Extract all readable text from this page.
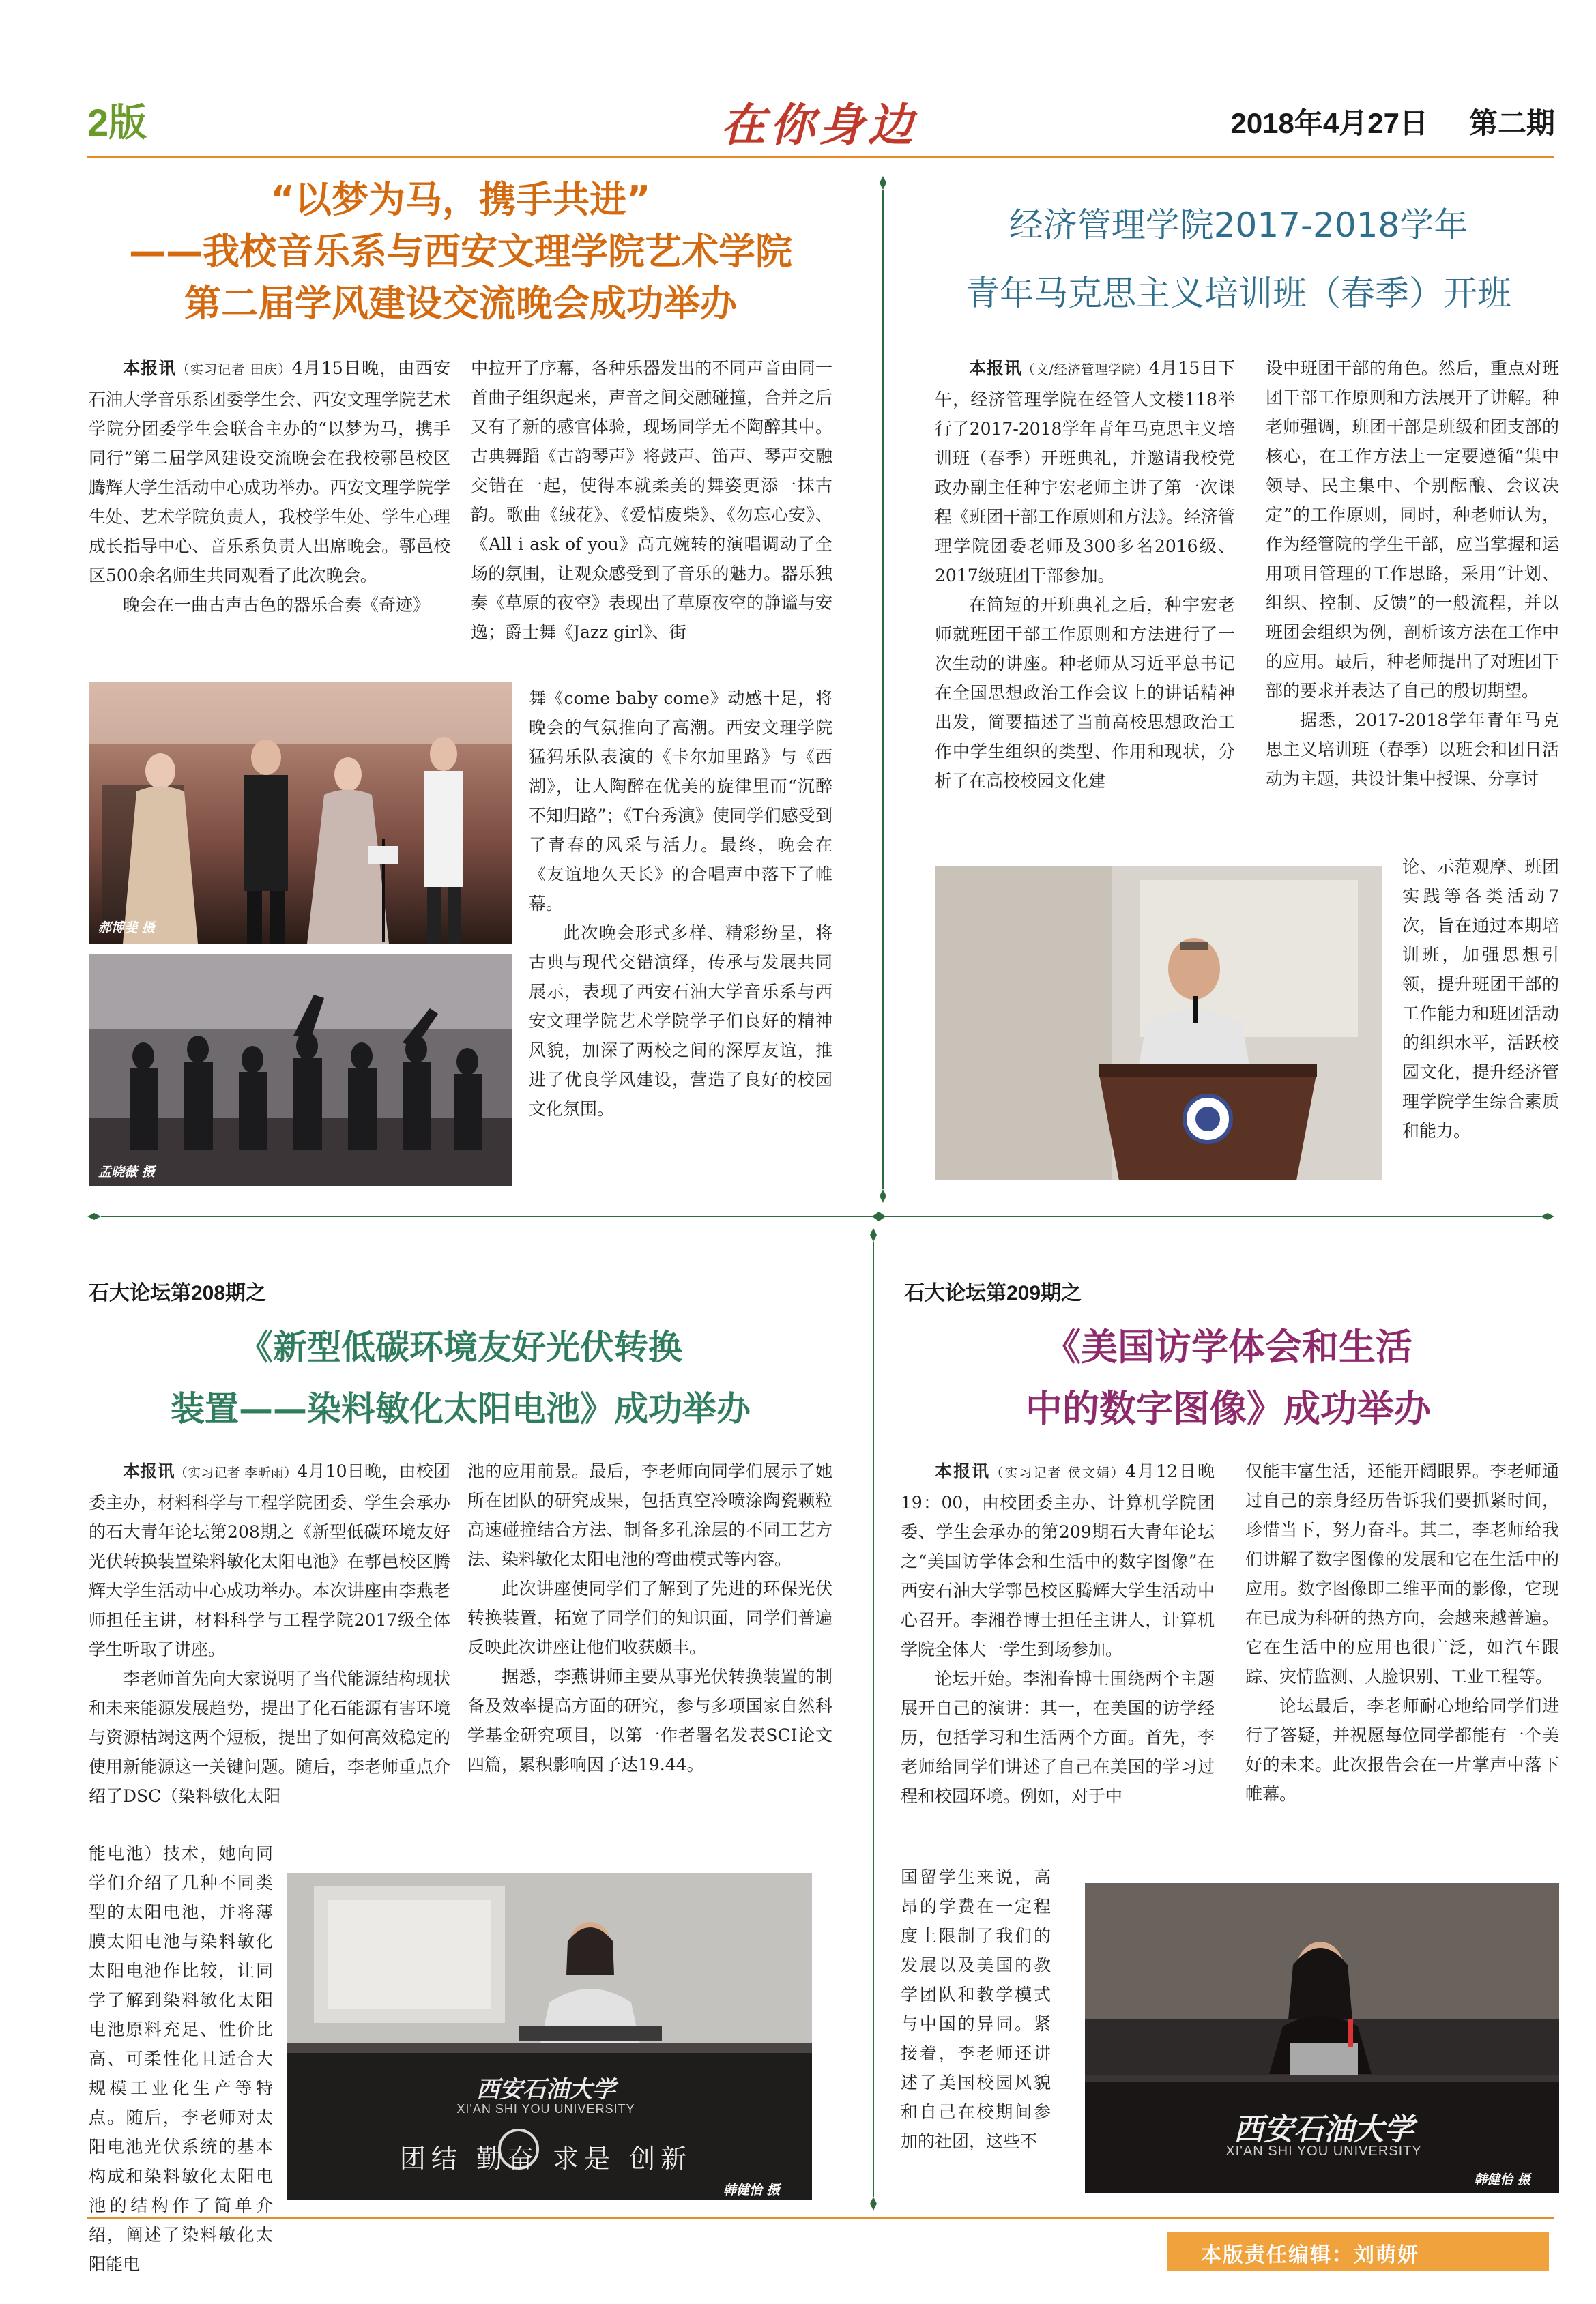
2版	在你身边	2018年4月27日 第二期
“以梦为马，携手共进”
——我校音乐系与西安文理学院艺术学院
第二届学风建设交流晚会成功举办

本报讯（实习记者 田庆）4月15日晚，由西安石油大学音乐系团委学生会、西安文理学院艺术学院分团委学生会联合主办的“以梦为马，携手同行”第二届学风建设交流晚会在我校鄠邑校区腾辉大学生活动中心成功举办。西安文理学院学生处、艺术学院负责人，我校学生处、学生心理成长指导中心、音乐系负责人出席晚会。鄠邑校区500余名师生共同观看了此次晚会。

晚会在一曲古声古色的器乐合奏《奇迹》

中拉开了序幕，各种乐器发出的不同声音由同一首曲子组织起来，声音之间交融碰撞，合并之后又有了新的感官体验，现场同学无不陶醉其中。古典舞蹈《古韵琴声》将鼓声、笛声、琴声交融交错在一起，使得本就柔美的舞姿更添一抹古韵。歌曲《绒花》、《爱情废柴》、《勿忘心安》、《All i ask of you》高亢婉转的演唱调动了全场的氛围，让观众感受到了音乐的魅力。器乐独奏《草原的夜空》表现出了草原夜空的静谧与安逸；爵士舞《Jazz girl》、街

舞《come baby come》动感十足，将晚会的气氛推向了高潮。西安文理学院猛犸乐队表演的《卡尔加里路》与《西湖》，让人陶醉在优美的旋律里而“沉醉不知归路”；《T台秀演》使同学们感受到了青春的风采与活力。最终，晚会在《友谊地久天长》的合唱声中落下了帷幕。

此次晚会形式多样、精彩纷呈，将古典与现代交错演绎，传承与发展共同展示，表现了西安石油大学音乐系与西安文理学院艺术学院学子们良好的精神风貌，加深了两校之间的深厚友谊，推进了优良学风建设，营造了良好的校园文化氛围。

郝博斐 摄
孟晓薇 摄
经济管理学院2017-2018学年
青年马克思主义培训班（春季）开班

本报讯（文/经济管理学院）4月15日下午，经济管理学院在经管人文楼118举行了2017-2018学年青年马克思主义培训班（春季）开班典礼，并邀请我校党政办副主任种宇宏老师主讲了第一次课程《班团干部工作原则和方法》。经济管理学院团委老师及300多名2016级、2017级班团干部参加。

在简短的开班典礼之后，种宇宏老师就班团干部工作原则和方法进行了一次生动的讲座。种老师从习近平总书记在全国思想政治工作会议上的讲话精神出发，简要描述了当前高校思想政治工作中学生组织的类型、作用和现状，分析了在高校校园文化建

设中班团干部的角色。然后，重点对班团干部工作原则和方法展开了讲解。种老师强调，班团干部是班级和团支部的核心，在工作方法上一定要遵循“集中领导、民主集中、个别酝酿、会议决定”的工作原则，同时，种老师认为，作为经管院的学生干部，应当掌握和运用项目管理的工作思路，采用“计划、组织、控制、反馈”的一般流程，并以班团会组织为例，剖析该方法在工作中的应用。最后，种老师提出了对班团干部的要求并表达了自己的殷切期望。

据悉，2017-2018学年青年马克思主义培训班（春季）以班会和团日活动为主题，共设计集中授课、分享讨

论、示范观摩、班团实践等各类活动7次，旨在通过本期培训班，加强思想引领，提升班团干部的工作能力和班团活动的组织水平，活跃校园文化，提升经济管理学院学生综合素质和能力。

石大论坛第208期之
《新型低碳环境友好光伏转换
装置——染料敏化太阳电池》成功举办

本报讯（实习记者 李昕雨）4月10日晚，由校团委主办，材料科学与工程学院团委、学生会承办的石大青年论坛第208期之《新型低碳环境友好光伏转换装置染料敏化太阳电池》在鄠邑校区腾辉大学生活动中心成功举办。本次讲座由李燕老师担任主讲，材料科学与工程学院2017级全体学生听取了讲座。

李老师首先向大家说明了当代能源结构现状和未来能源发展趋势，提出了化石能源有害环境与资源枯竭这两个短板，提出了如何高效稳定的使用新能源这一关键问题。随后，李老师重点介绍了DSC（染料敏化太阳

能电池）技术，她向同学们介绍了几种不同类型的太阳电池，并将薄膜太阳电池与染料敏化太阳电池作比较，让同学了解到染料敏化太阳电池原料充足、性价比高、可柔性化且适合大规模工业化生产等特点。随后，李老师对太阳电池光伏系统的基本构成和染料敏化太阳电池的结构作了简单介绍，阐述了染料敏化太阳能电

池的应用前景。最后，李老师向同学们展示了她所在团队的研究成果，包括真空冷喷涂陶瓷颗粒高速碰撞结合方法、制备多孔涂层的不同工艺方法、染料敏化太阳电池的弯曲模式等内容。

此次讲座使同学们了解到了先进的环保光伏转换装置，拓宽了同学们的知识面，同学们普遍反映此次讲座让他们收获颇丰。

据悉，李燕讲师主要从事光伏转换装置的制备及效率提高方面的研究，参与多项国家自然科学基金研究项目，以第一作者署名发表SCI论文四篇，累积影响因子达19.44。

西安石油大学
XI'AN SHI YOU UNIVERSITY
团结 勤奋 求是 创新
韩健怡 摄
石大论坛第209期之
《美国访学体会和生活
中的数字图像》成功举办

本报讯（实习记者 侯文娟）4月12日晚19：00，由校团委主办、计算机学院团委、学生会承办的第209期石大青年论坛之“美国访学体会和生活中的数字图像”在西安石油大学鄠邑校区腾辉大学生活动中心召开。李湘眷博士担任主讲人，计算机学院全体大一学生到场参加。

论坛开始。李湘眷博士围绕两个主题展开自己的演讲：其一，在美国的访学经历，包括学习和生活两个方面。首先，李老师给同学们讲述了自己在美国的学习过程和校园环境。例如，对于中

国留学生来说，高昂的学费在一定程度上限制了我们的发展以及美国的教学团队和教学模式与中国的异同。紧接着，李老师还讲述了美国校园风貌和自己在校期间参加的社团，这些不

仅能丰富生活，还能开阔眼界。李老师通过自己的亲身经历告诉我们要抓紧时间，珍惜当下，努力奋斗。其二，李老师给我们讲解了数字图像的发展和它在生活中的应用。数字图像即二维平面的影像，它现在已成为科研的热方向，会越来越普遍。它在生活中的应用也很广泛，如汽车跟踪、灾情监测、人脸识别、工业工程等。

论坛最后，李老师耐心地给同学们进行了答疑，并祝愿每位同学都能有一个美好的未来。此次报告会在一片掌声中落下帷幕。

西安石油大学
XI'AN SHI YOU UNIVERSITY
韩健怡 摄
本版责任编辑：刘萌妍
